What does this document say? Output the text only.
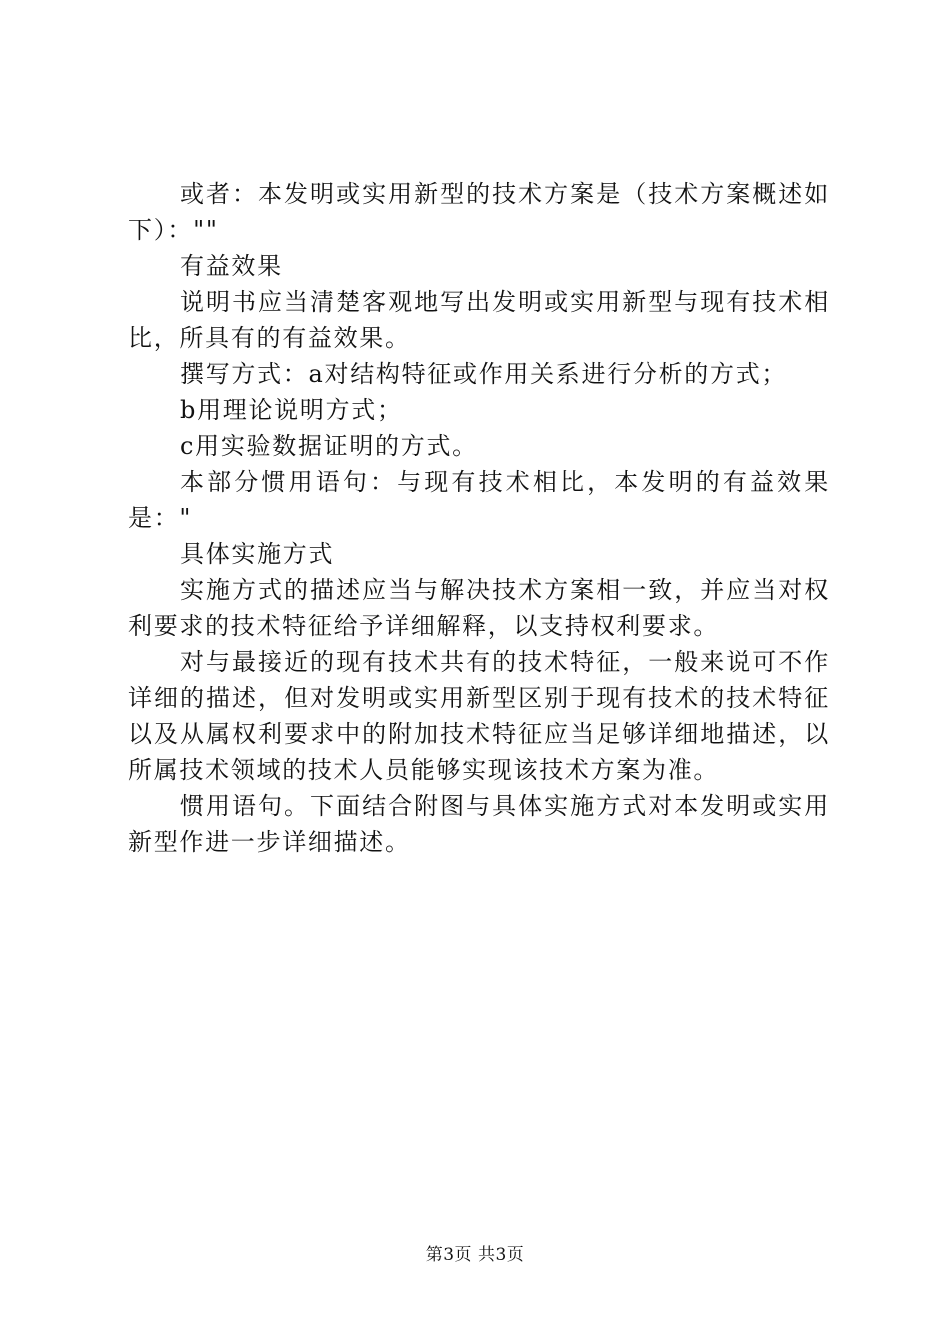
或者：本发明或实用新型的技术方案是（技术方案概述如下）：""

有益效果

说明书应当清楚客观地写出发明或实用新型与现有技术相比，所具有的有益效果。

撰写方式：a对结构特征或作用关系进行分析的方式；

b用理论说明方式；

c用实验数据证明的方式。

本部分惯用语句：与现有技术相比，本发明的有益效果是："

具体实施方式

实施方式的描述应当与解决技术方案相一致，并应当对权利要求的技术特征给予详细解释，以支持权利要求。

对与最接近的现有技术共有的技术特征，一般来说可不作详细的描述，但对发明或实用新型区别于现有技术的技术特征以及从属权利要求中的附加技术特征应当足够详细地描述，以所属技术领域的技术人员能够实现该技术方案为准。

惯用语句。下面结合附图与具体实施方式对本发明或实用新型作进一步详细描述。

第3页 共3页
